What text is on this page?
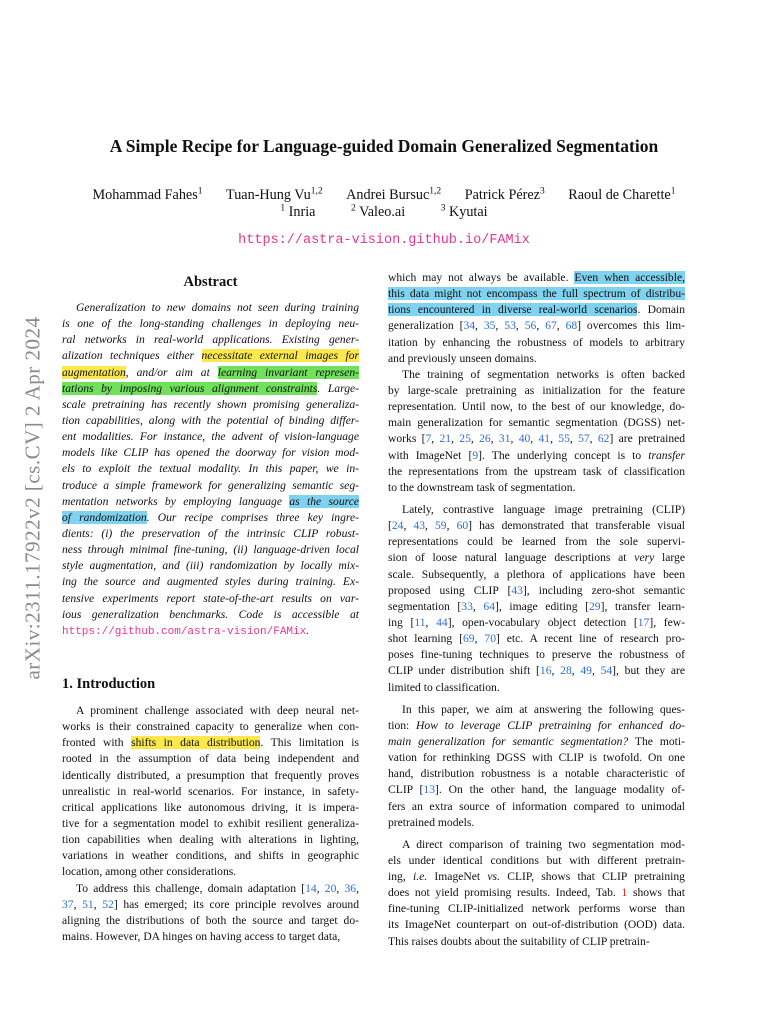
arXiv:2311.17922v2 [cs.CV] 2 Apr 2024
A Simple Recipe for Language-guided Domain Generalized Segmentation
Mohammad Fahes$^1$ Tuan-Hung Vu$^{1,2}$ Andrei Bursuc$^{1,2}$ Patrick Pérez$^3$ Raoul de Charette$^1$
$^1$ Inria	$^2$ Valeo.ai	$^3$ Kyutai
https://astra-vision.github.io/FAMix
Abstract
Generalization to new domains not seen during training
is one of the long-standing challenges in deploying neu-
ral networks in real-world applications. Existing gener-
alization techniques either necessitate external images for
augmentation, and/or aim at learning invariant represen-
tations by imposing various alignment constraints. Large-
scale pretraining has recently shown promising generaliza-
tion capabilities, along with the potential of binding differ-
ent modalities. For instance, the advent of vision-language
models like CLIP has opened the doorway for vision mod-
els to exploit the textual modality. In this paper, we in-
troduce a simple framework for generalizing semantic seg-
mentation networks by employing language as the source
of randomization. Our recipe comprises three key ingre-
dients: (i) the preservation of the intrinsic CLIP robust-
ness through minimal fine-tuning, (ii) language-driven local
style augmentation, and (iii) randomization by locally mix-
ing the source and augmented styles during training. Ex-
tensive experiments report state-of-the-art results on var-
ious generalization benchmarks. Code is accessible at
https://github.com/astra-vision/FAMix.
1. Introduction
A prominent challenge associated with deep neural net-
works is their constrained capacity to generalize when con-
fronted with shifts in data distribution. This limitation is
rooted in the assumption of data being independent and
identically distributed, a presumption that frequently proves
unrealistic in real-world scenarios. For instance, in safety-
critical applications like autonomous driving, it is impera-
tive for a segmentation model to exhibit resilient generaliza-
tion capabilities when dealing with alterations in lighting,
variations in weather conditions, and shifts in geographic
location, among other considerations.
To address this challenge, domain adaptation [14, 20, 36,
37, 51, 52] has emerged; its core principle revolves around
aligning the distributions of both the source and target do-
mains. However, DA hinges on having access to target data,
which may not always be available. Even when accessible,
this data might not encompass the full spectrum of distribu-
tions encountered in diverse real-world scenarios. Domain
generalization [34, 35, 53, 56, 67, 68] overcomes this lim-
itation by enhancing the robustness of models to arbitrary
and previously unseen domains.
The training of segmentation networks is often backed
by large-scale pretraining as initialization for the feature
representation. Until now, to the best of our knowledge, do-
main generalization for semantic segmentation (DGSS) net-
works [7, 21, 25, 26, 31, 40, 41, 55, 57, 62] are pretrained
with ImageNet [9]. The underlying concept is to transfer
the representations from the upstream task of classification
to the downstream task of segmentation.
Lately, contrastive language image pretraining (CLIP)
[24, 43, 59, 60] has demonstrated that transferable visual
representations could be learned from the sole supervi-
sion of loose natural language descriptions at very large
scale. Subsequently, a plethora of applications have been
proposed using CLIP [43], including zero-shot semantic
segmentation [33, 64], image editing [29], transfer learn-
ing [11, 44], open-vocabulary object detection [17], few-
shot learning [69, 70] etc. A recent line of research pro-
poses fine-tuning techniques to preserve the robustness of
CLIP under distribution shift [16, 28, 49, 54], but they are
limited to classification.
In this paper, we aim at answering the following ques-
tion: How to leverage CLIP pretraining for enhanced do-
main generalization for semantic segmentation? The moti-
vation for rethinking DGSS with CLIP is twofold. On one
hand, distribution robustness is a notable characteristic of
CLIP [13]. On the other hand, the language modality of-
fers an extra source of information compared to unimodal
pretrained models.
A direct comparison of training two segmentation mod-
els under identical conditions but with different pretrain-
ing, i.e. ImageNet vs. CLIP, shows that CLIP pretraining
does not yield promising results. Indeed, Tab. 1 shows that
fine-tuning CLIP-initialized network performs worse than
its ImageNet counterpart on out-of-distribution (OOD) data.
This raises doubts about the suitability of CLIP pretrain-
